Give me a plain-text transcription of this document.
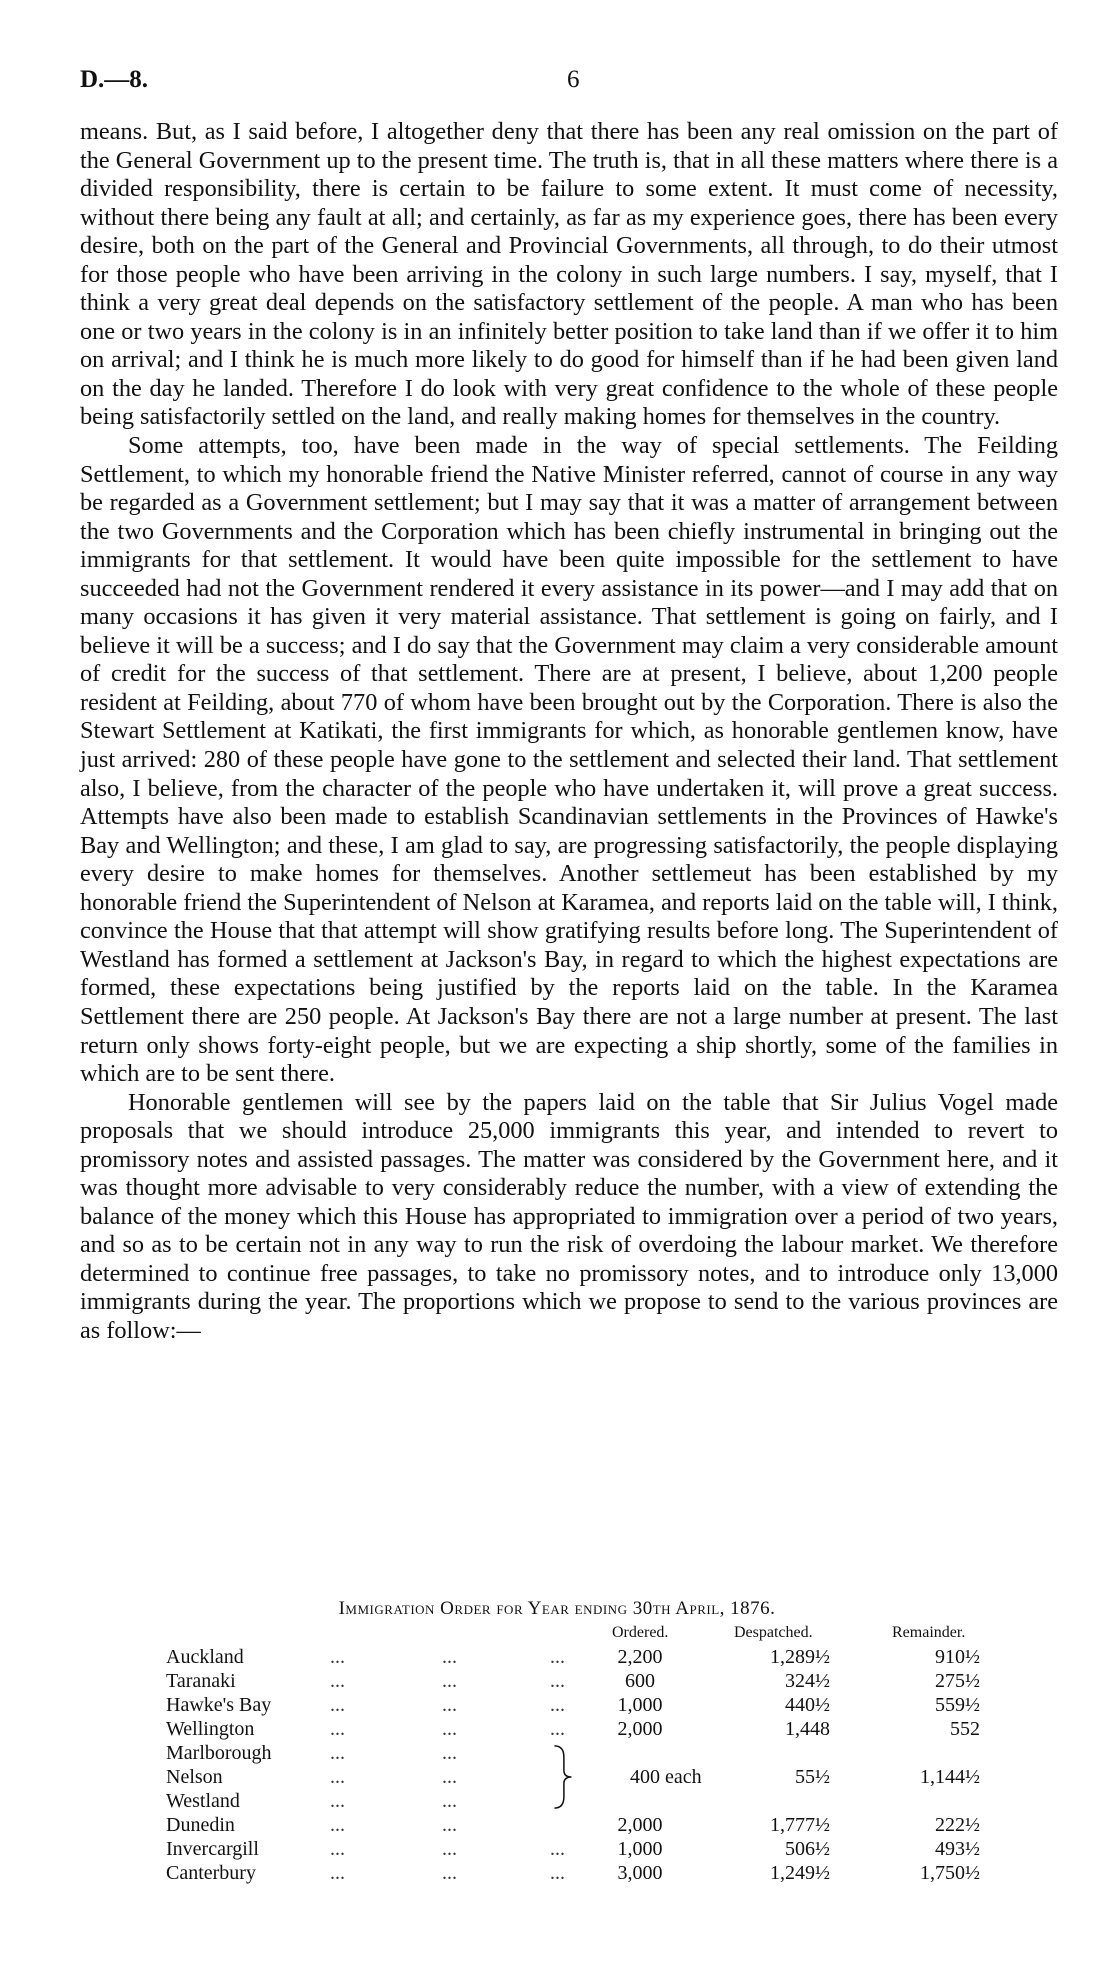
D.—8.	6

means. But, as I said before, I altogether deny that there has been any real omission on the part of the General Government up to the present time. The truth is, that in all these matters where there is a divided responsibility, there is certain to be failure to some extent. It must come of necessity, without there being any fault at all; and certainly, as far as my experience goes, there has been every desire, both on the part of the General and Provincial Governments, all through, to do their utmost for those people who have been arriving in the colony in such large numbers. I say, myself, that I think a very great deal depends on the satisfactory settlement of the people. A man who has been one or two years in the colony is in an infinitely better position to take land than if we offer it to him on arrival; and I think he is much more likely to do good for himself than if he had been given land on the day he landed. Therefore I do look with very great confidence to the whole of these people being satisfactorily settled on the land, and really making homes for themselves in the country.

Some attempts, too, have been made in the way of special settlements. The Feilding Settlement, to which my honorable friend the Native Minister referred, cannot of course in any way be regarded as a Government settlement; but I may say that it was a matter of arrangement between the two Governments and the Corporation which has been chiefly instrumental in bringing out the immigrants for that settlement. It would have been quite impossible for the settlement to have succeeded had not the Government rendered it every assistance in its power—and I may add that on many occasions it has given it very material assistance. That settlement is going on fairly, and I believe it will be a success; and I do say that the Government may claim a very considerable amount of credit for the success of that settlement. There are at present, I believe, about 1,200 people resident at Feilding, about 770 of whom have been brought out by the Corporation. There is also the Stewart Settlement at Katikati, the first immigrants for which, as honorable gentlemen know, have just arrived: 280 of these people have gone to the settlement and selected their land. That settlement also, I believe, from the character of the people who have undertaken it, will prove a great success. Attempts have also been made to establish Scandinavian settlements in the Provinces of Hawke's Bay and Wellington; and these, I am glad to say, are progressing satisfactorily, the people displaying every desire to make homes for themselves. Another settlemeut has been established by my honorable friend the Superintendent of Nelson at Karamea, and reports laid on the table will, I think, convince the House that that attempt will show gratifying results before long. The Superintendent of Westland has formed a settlement at Jackson's Bay, in regard to which the highest expectations are formed, these expectations being justified by the reports laid on the table. In the Karamea Settlement there are 250 people. At Jackson's Bay there are not a large number at present. The last return only shows forty-eight people, but we are expecting a ship shortly, some of the families in which are to be sent there.

Honorable gentlemen will see by the papers laid on the table that Sir Julius Vogel made proposals that we should introduce 25,000 immigrants this year, and intended to revert to promissory notes and assisted passages. The matter was considered by the Government here, and it was thought more advisable to very considerably reduce the number, with a view of extending the balance of the money which this House has appropriated to immigration over a period of two years, and so as to be certain not in any way to run the risk of overdoing the labour market. We therefore determined to continue free passages, to take no promissory notes, and to introduce only 13,000 immigrants during the year. The proportions which we propose to send to the various provinces are as follow:—

Immigration Order for Year ending 30th April, 1876.
Ordered.	Despatched.	Remainder.
Auckland	...	...	...	2,200	1,289½	910½
Taranaki	...	...	...	600	324½	275½
Hawke's Bay	...	...	...	1,000	440½	559½
Wellington	...	...	...	2,000	1,448	552
Marlborough	...	...
Nelson	...	...
Westland	...	...
400 each	55½	1,144½
Dunedin	...	...	2,000	1,777½	222½
Invercargill	...	...	...	1,000	506½	493½
Canterbury	...	...	...	3,000	1,249½	1,750½
